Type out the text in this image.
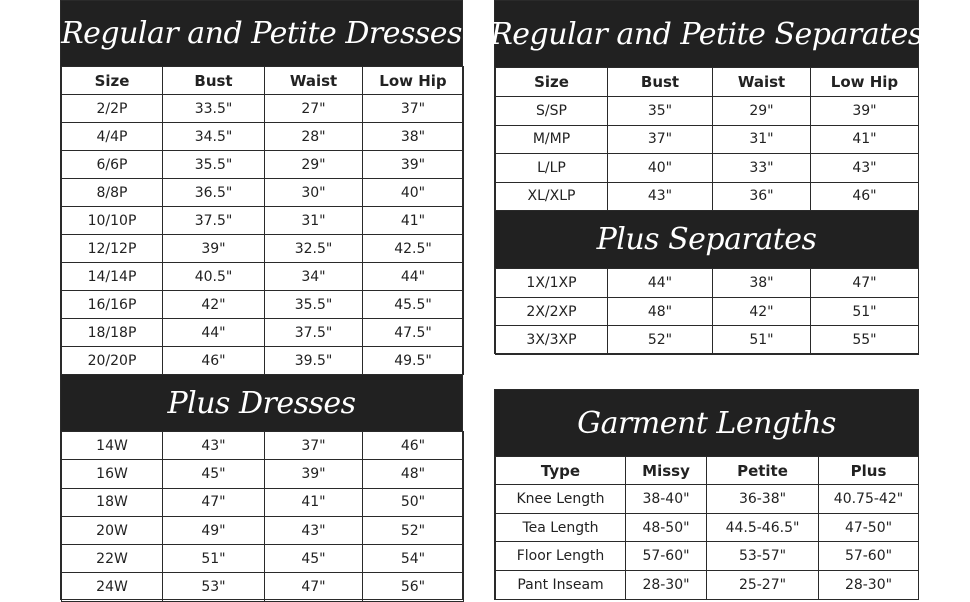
Regular and Petite Dresses
Size	Bust	Waist	Low Hip
2/2P	33.5"	27"	37"
4/4P	34.5"	28"	38"
6/6P	35.5"	29"	39"
8/8P	36.5"	30"	40"
10/10P	37.5"	31"	41"
12/12P	39"	32.5"	42.5"
14/14P	40.5"	34"	44"
16/16P	42"	35.5"	45.5"
18/18P	44"	37.5"	47.5"
20/20P	46"	39.5"	49.5"
Plus Dresses
14W	43"	37"	46"
16W	45"	39"	48"
18W	47"	41"	50"
20W	49"	43"	52"
22W	51"	45"	54"
24W	53"	47"	56"
Regular and Petite Separates
Size	Bust	Waist	Low Hip
S/SP	35"	29"	39"
M/MP	37"	31"	41"
L/LP	40"	33"	43"
XL/XLP	43"	36"	46"
Plus Separates
1X/1XP	44"	38"	47"
2X/2XP	48"	42"	51"
3X/3XP	52"	51"	55"
Garment Lengths
Type	Missy	Petite	Plus
Knee Length	38-40"	36-38"	40.75-42"
Tea Length	48-50"	44.5-46.5"	47-50"
Floor Length	57-60"	53-57"	57-60"
Pant Inseam	28-30"	25-27"	28-30"
